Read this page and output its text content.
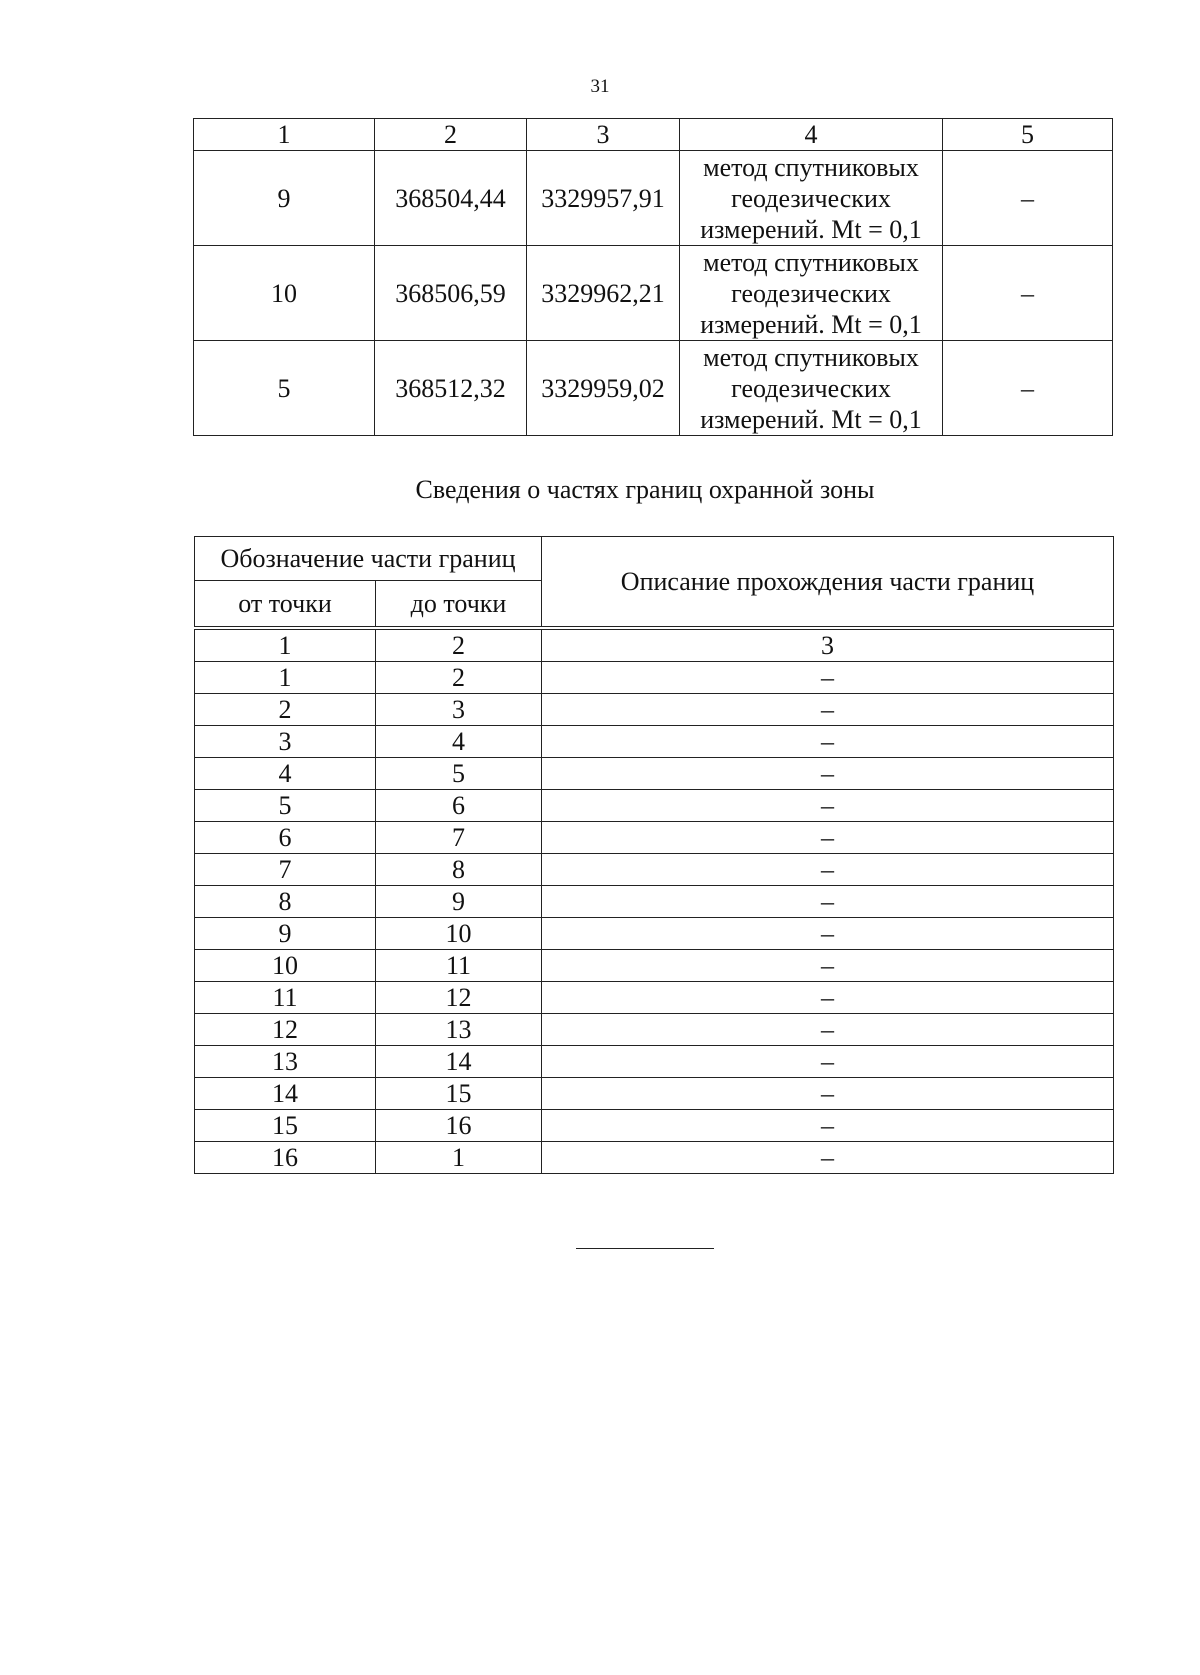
31
1	2	3	4	5
9	368504,44	3329957,91	метод спутниковых
геодезических
измерений. Mt = 0,1	–
10	368506,59	3329962,21	метод спутниковых
геодезических
измерений. Mt = 0,1	–
5	368512,32	3329959,02	метод спутниковых
геодезических
измерений. Mt = 0,1	–
Сведения о частях границ охранной зоны
Обозначение части границ		Описание прохождения части границ
от точки	до точки	
1	2	3
1	2	–
2	3	–
3	4	–
4	5	–
5	6	–
6	7	–
7	8	–
8	9	–
9	10	–
10	11	–
11	12	–
12	13	–
13	14	–
14	15	–
15	16	–
16	1	–
